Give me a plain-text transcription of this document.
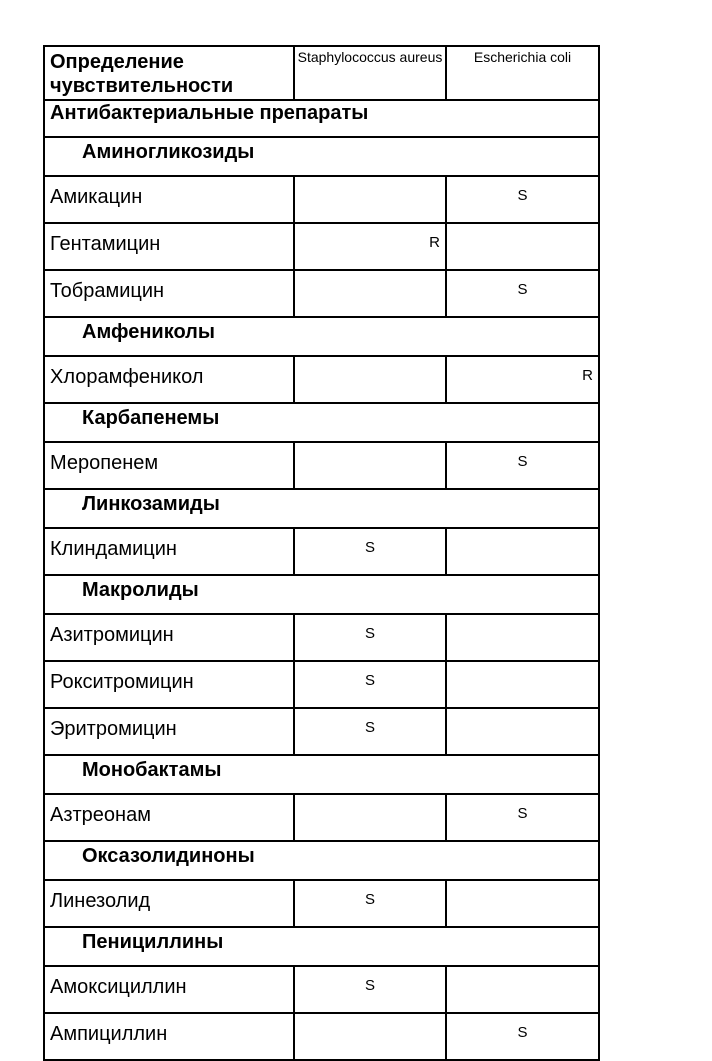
Определение чувствительности	Staphylococcus aureus	Escherichia coli
Антибактериальные препараты		
Аминогликозиды		
Амикацин		S
Гентамицин	R	
Тобрамицин		S
Амфениколы		
Хлорамфеникол		R
Карбапенемы		
Меропенем		S
Линкозамиды		
Клиндамицин	S	
Макролиды		
Азитромицин	S	
Рокситромицин	S	
Эритромицин	S	
Монобактамы		
Азтреонам		S
Оксазолидиноны		
Линезолид	S	
Пенициллины		
Амоксициллин	S	
Ампициллин		S
